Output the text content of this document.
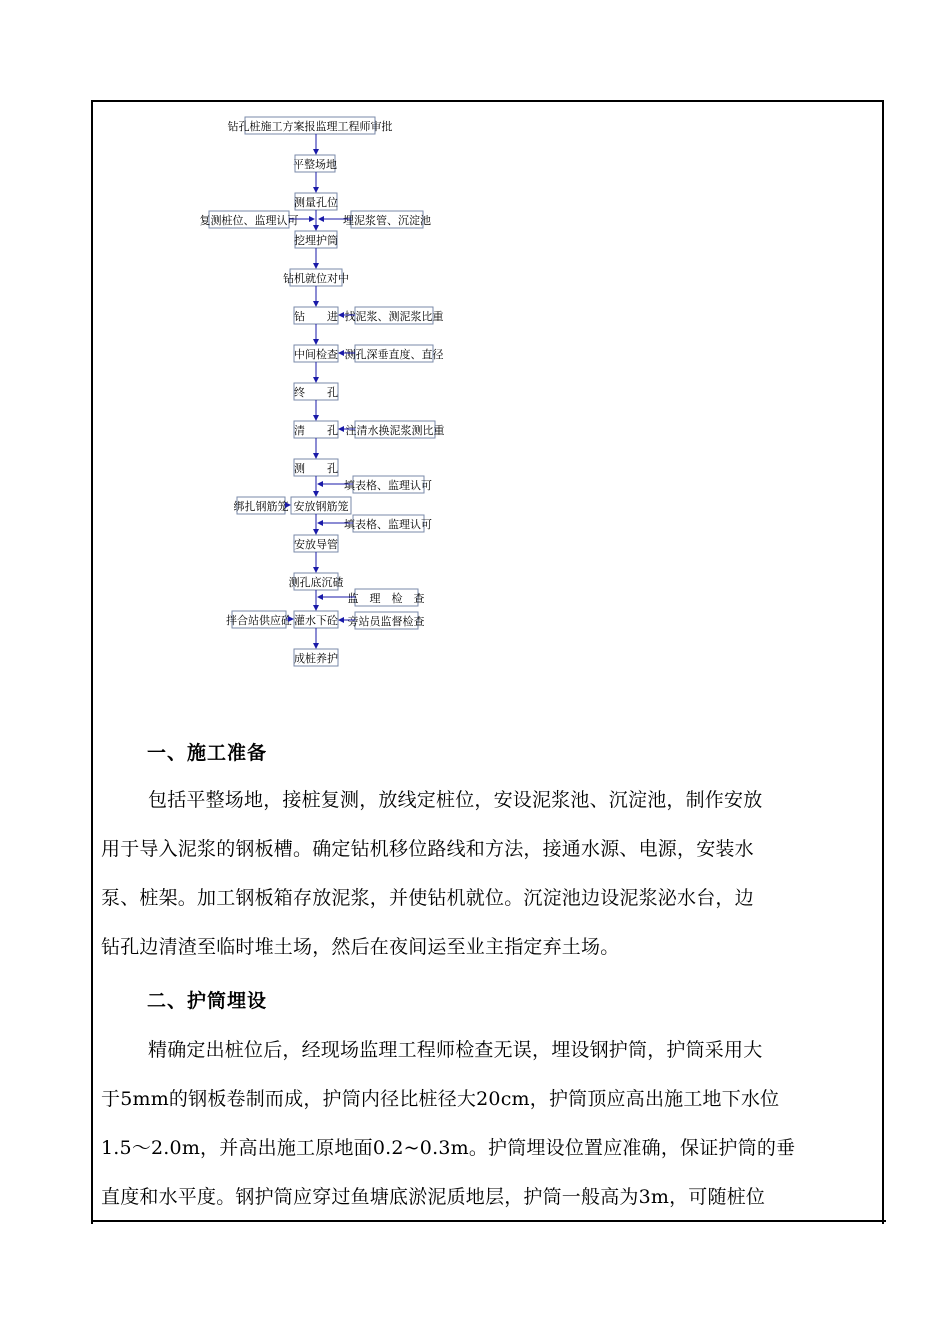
钻孔桩施工方案报监理工程师审批
平整场地
测量孔位
挖埋护筒
钻机就位对中
钻　　进
中间检查
终　　孔
清　　孔
测　　孔
安放钢筋笼
安放导管
测孔底沉碴
灌水下砼
成桩养护
复测桩位、监理认可	埋泥浆管、沉淀池
找泥浆、测泥浆比重
测孔深垂直度、直径
注清水换泥浆测比重
填表格、监理认可
绑扎钢筋笼
填表格、监理认可
监　理　检　查
拌合站供应砼	旁站员监督检查
一、施工准备
包括平整场地，接桩复测，放线定桩位，安设泥浆池、沉淀池，制作安放
用于导入泥浆的钢板槽。确定钻机移位路线和方法，接通水源、电源，安装水
泵、桩架。加工钢板箱存放泥浆，并使钻机就位。沉淀池边设泥浆泌水台，边
钻孔边清渣至临时堆土场，然后在夜间运至业主指定弃土场。
二、护筒埋设
精确定出桩位后，经现场监理工程师检查无误，埋设钢护筒，护筒采用大
于5mm的钢板卷制而成，护筒内径比桩径大20cm，护筒顶应高出施工地下水位
1.5～2.0m，并高出施工原地面0.2~0.3m。护筒埋设位置应准确，保证护筒的垂
直度和水平度。钢护筒应穿过鱼塘底淤泥质地层，护筒一般高为3m，可随桩位
